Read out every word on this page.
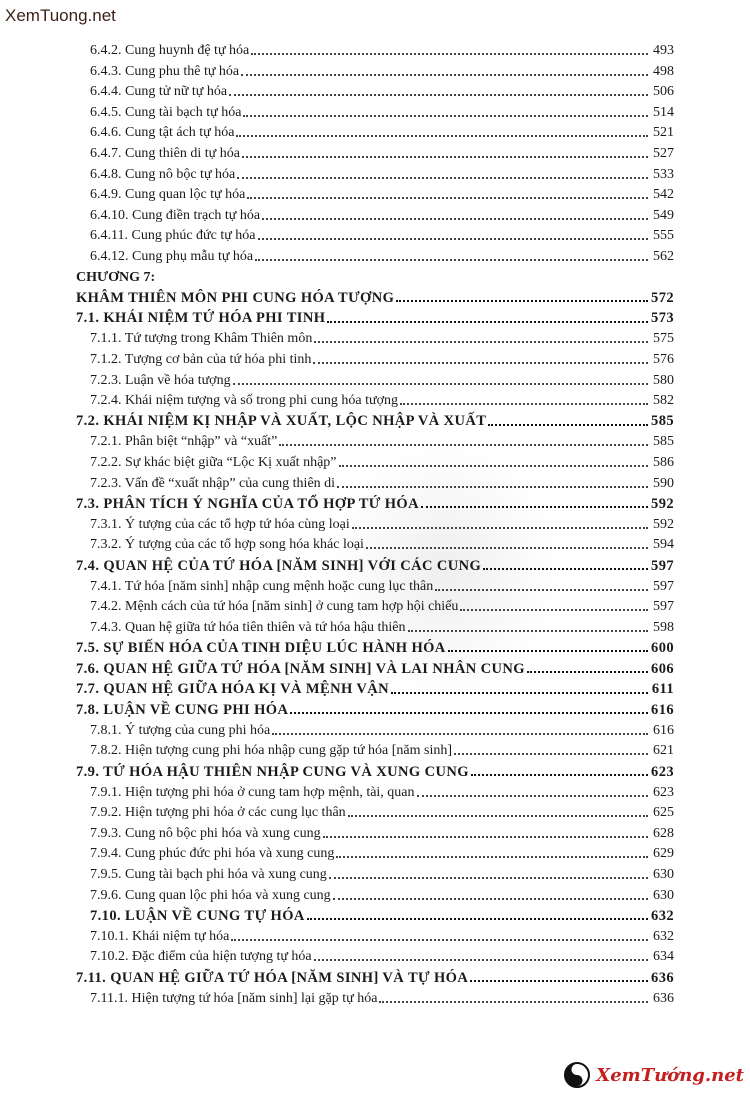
XemTuong.net
6.4.2. Cung huynh đệ tự hóa	493
6.4.3. Cung phu thê tự hóa	498
6.4.4. Cung tử nữ tự hóa	506
6.4.5. Cung tài bạch tự hóa	514
6.4.6. Cung tật ách tự hóa	521
6.4.7. Cung thiên di tự hóa	527
6.4.8. Cung nô bộc tự hóa	533
6.4.9. Cung quan lộc tự hóa	542
6.4.10. Cung điền trạch tự hóa	549
6.4.11. Cung phúc đức tự hóa	555
6.4.12. Cung phụ mẫu tự hóa	562
CHƯƠNG 7:
KHÂM THIÊN MÔN PHI CUNG HÓA TƯỢNG	572
7.1. KHÁI NIỆM TỨ HÓA PHI TINH	573
7.1.1. Tứ tượng trong Khâm Thiên môn	575
7.1.2. Tượng cơ bản của tứ hóa phi tinh	576
7.2.3. Luận về hóa tượng	580
7.2.4. Khái niệm tượng và số trong phi cung hóa tượng	582
7.2. KHÁI NIỆM KỊ NHẬP VÀ XUẤT, LỘC NHẬP VÀ XUẤT	585
7.2.1. Phân biệt “nhập” và “xuất”	585
7.2.2. Sự khác biệt giữa “Lộc Kị xuất nhập”	586
7.2.3. Vấn đề “xuất nhập” của cung thiên di	590
7.3. PHÂN TÍCH Ý NGHĨA CỦA TỔ HỢP TỨ HÓA	592
7.3.1. Ý tượng của các tổ hợp tứ hóa cùng loại	592
7.3.2. Ý tượng của các tổ hợp song hóa khác loại	594
7.4. QUAN HỆ CỦA TỨ HÓA [NĂM SINH] VỚI CÁC CUNG	597
7.4.1. Tứ hóa [năm sinh] nhập cung mệnh hoặc cung lục thân	597
7.4.2. Mệnh cách của tứ hóa [năm sinh] ở cung tam hợp hội chiếu	597
7.4.3. Quan hệ giữa tứ hóa tiên thiên và tứ hóa hậu thiên	598
7.5. SỰ BIẾN HÓA CỦA TINH DIỆU LÚC HÀNH HÓA	600
7.6. QUAN HỆ GIỮA TỨ HÓA [NĂM SINH] VÀ LAI NHÂN CUNG	606
7.7. QUAN HỆ GIỮA HÓA KỊ VÀ MỆNH VẬN	611
7.8. LUẬN VỀ CUNG PHI HÓA	616
7.8.1. Ý tượng của cung phi hóa	616
7.8.2. Hiện tượng cung phi hóa nhập cung gặp tứ hóa [năm sinh]	621
7.9. TỨ HÓA HẬU THIÊN NHẬP CUNG VÀ XUNG CUNG	623
7.9.1. Hiện tượng phi hóa ở cung tam hợp mệnh, tài, quan	623
7.9.2. Hiện tượng phi hóa ở các cung lục thân	625
7.9.3. Cung nô bộc phi hóa và xung cung	628
7.9.4. Cung phúc đức phi hóa và xung cung	629
7.9.5. Cung tài bạch phi hóa và xung cung	630
7.9.6. Cung quan lộc phi hóa và xung cung	630
7.10. LUẬN VỀ CUNG TỰ HÓA	632
7.10.1. Khái niệm tự hóa	632
7.10.2. Đặc điểm của hiện tượng tự hóa	634
7.11. QUAN HỆ GIỮA TỨ HÓA [NĂM SINH] VÀ TỰ HÓA	636
7.11.1. Hiện tượng tứ hóa [năm sinh] lại gặp tự hóa	636
XemTướng.net
